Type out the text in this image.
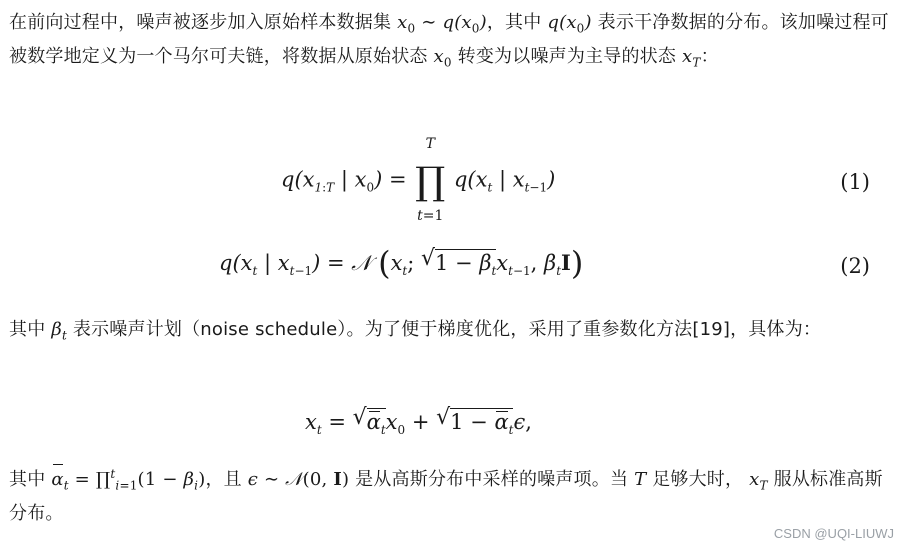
在前向过程中，噪声被逐步加入原始样本数据集 $x_0$ ∼ $q(x_0)$，其中 $q(x_0)$ 表示干净数据的分布。该加噪过程可被数学地定义为一个马尔可夫链，将数据从原始状态 $x_0$ 转变为以噪声为主导的状态 $x_T$：
$q(x_{1:T}$ | $x_0$) =
T
∏
t=1
$q(x_t$ | $x_{t-1}$)	(1)
$q(x_t$ | $x_{t-1}$) = 𝒩 ($x_t$; √ $1 - \beta_tx_{t-1}$, $\beta_tI$)	(2)
其中 $\beta_t$ 表示噪声计划（noise schedule）。为了便于梯度优化，采用了重参数化方法[19]，具体为：
$x_t$ = √ $\alpha_tx_0$ + √ $1 - \alpha_t\epsilon$,
其中 $\alpha_t$ = ∏$^t_{i=1}$(1 − $\beta_i$)，且 ϵ ∼ 𝒩(0, I) 是从高斯分布中采样的噪声项。当 T 足够大时， $x_T$ 服从标准高斯分布。
CSDN @UQI-LIUWJ
